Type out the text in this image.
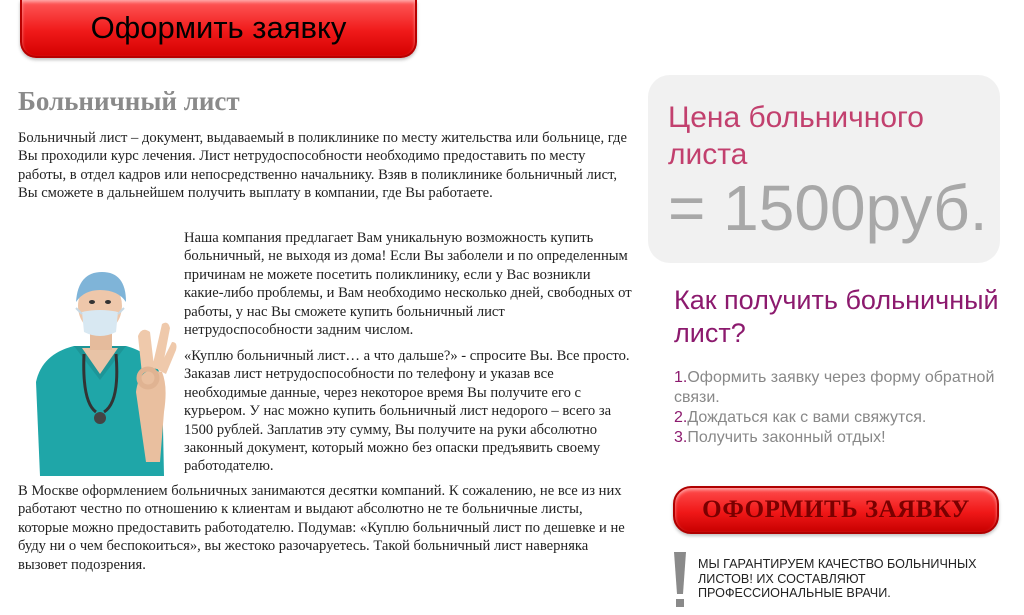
Оформить заявку
Больничный лист

Больничный лист – документ, выдаваемый в поликлинике по месту жительства или больнице, где Вы проходили курс лечения. Лист нетрудоспособности необходимо предоставить по месту работы, в отдел кадров или непосредственно начальнику. Взяв в поликлинике больничный лист, Вы сможете в дальнейшем получить выплату в компании, где Вы работаете.

Наша компания предлагает Вам уникальную возможность купить больничный, не выходя из дома! Если Вы заболели и по определенным причинам не можете посетить поликлинику, если у Вас возникли какие-либо проблемы, и Вам необходимо несколько дней, свободных от работы, у нас Вы сможете купить больничный лист нетрудоспособности задним числом.

«Куплю больничный лист… а что дальше?» - спросите Вы. Все просто. Заказав лист нетрудоспособности по телефону и указав все необходимые данные, через некоторое время Вы получите его с курьером. У нас можно купить больничный лист недорого – всего за 1500 рублей. Заплатив эту сумму, Вы получите на руки абсолютно законный документ, который можно без опаски предъявить своему работодателю.

В Москве оформлением больничных занимаются десятки компаний. К сожалению, не все из них работают честно по отношению к клиентам и выдают абсолютно не те больничные листы, которые можно предоставить работодателю. Подумав: «Куплю больничный лист по дешевке и не буду ни о чем беспокоиться», вы жестоко разочаруетесь. Такой больничный лист наверняка вызовет подозрения.

Цена больничного листа
= 1500руб.
Как получить больничный лист?
1.Оформить заявку через форму обратной связи.
2.Дождаться как с вами свяжутся.
3.Получить законный отдых!
ОФОРМИТЬ ЗАЯВКУ
МЫ ГАРАНТИРУЕМ КАЧЕСТВО БОЛЬНИЧНЫХ ЛИСТОВ! ИХ СОСТАВЛЯЮТ ПРОФЕССИОНАЛЬНЫЕ ВРАЧИ.
